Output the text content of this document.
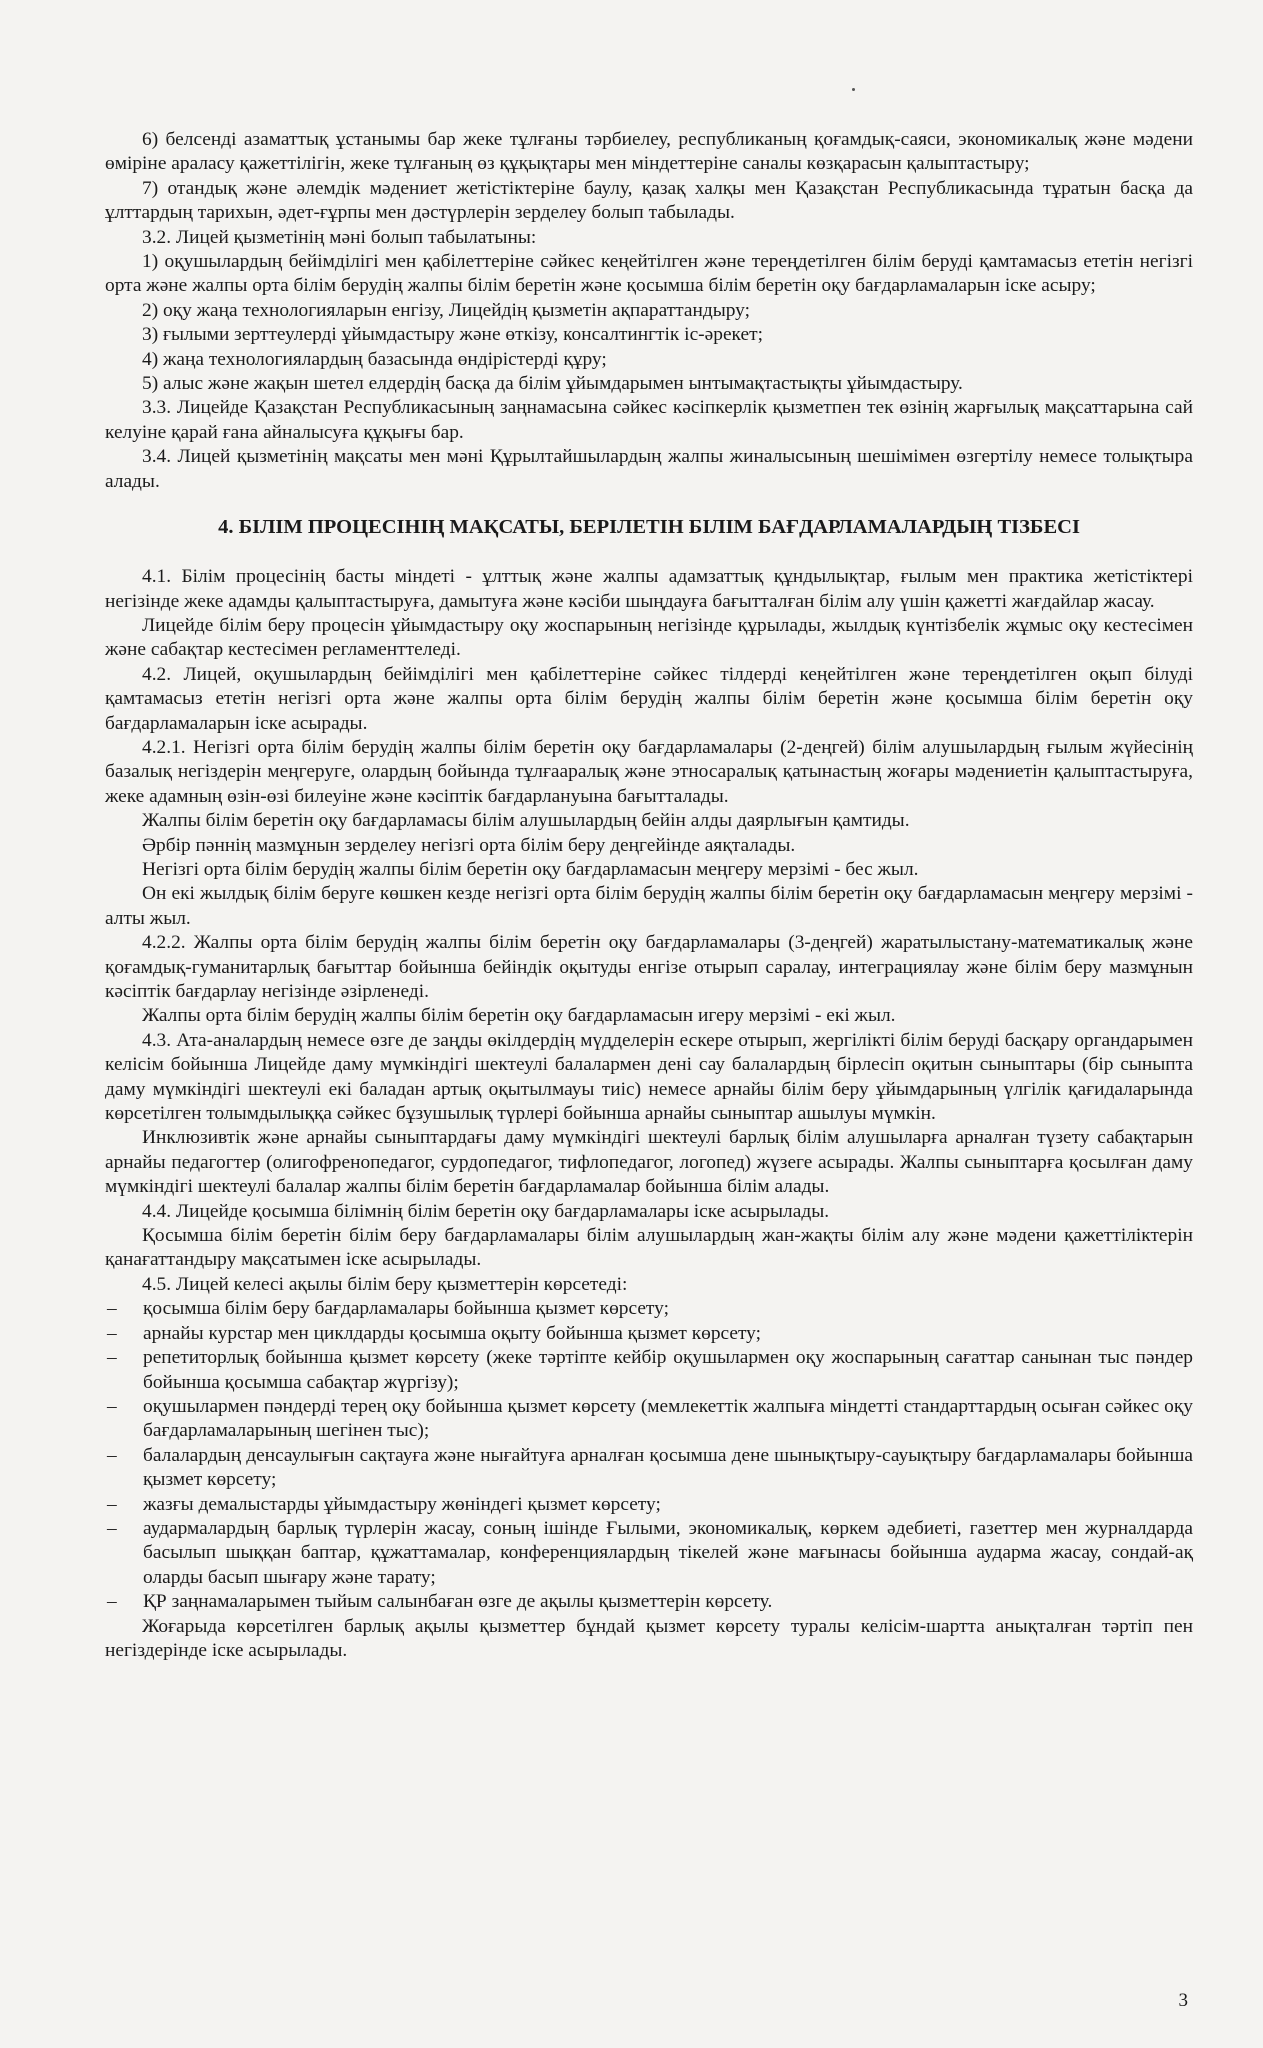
6) белсенді азаматтық ұстанымы бар жеке тұлғаны тәрбиелеу, республиканың қоғамдық-саяси, экономикалық және мәдени өміріне араласу қажеттілігін, жеке тұлғаның өз құқықтары мен міндеттеріне саналы көзқарасын қалыптастыру;

7) отандық және әлемдік мәдениет жетістіктеріне баулу, қазақ халқы мен Қазақстан Республикасында тұратын басқа да ұлттардың тарихын, әдет-ғұрпы мен дәстүрлерін зерделеу болып табылады.

3.2. Лицей қызметінің мәні болып табылатыны:

1) оқушылардың бейімділігі мен қабілеттеріне сәйкес кеңейтілген және тереңдетілген білім беруді қамтамасыз ететін негізгі орта және жалпы орта білім берудің жалпы білім беретін және қосымша білім беретін оқу бағдарламаларын іске асыру;

2) оқу жаңа технологияларын енгізу, Лицейдің қызметін ақпараттандыру;

3) ғылыми зерттеулерді ұйымдастыру және өткізу, консалтингтік іс-әрекет;

4) жаңа технологиялардың базасында өндірістерді құру;

5) алыс және жақын шетел елдердің басқа да білім ұйымдарымен ынтымақтастықты ұйымдастыру.

3.3. Лицейде Қазақстан Республикасының заңнамасына сәйкес кәсіпкерлік қызметпен тек өзінің жарғылық мақсаттарына сай келуіне қарай ғана айналысуға құқығы бар.

3.4. Лицей қызметінің мақсаты мен мәні Құрылтайшылардың жалпы жиналысының шешімімен өзгертілу немесе толықтыра алады.

4. БІЛІМ ПРОЦЕСІНІҢ МАҚСАТЫ, БЕРІЛЕТІН БІЛІМ БАҒДАРЛАМАЛАРДЫҢ ТІЗБЕСІ

4.1. Білім процесінің басты міндеті - ұлттық және жалпы адамзаттық құндылықтар, ғылым мен практика жетістіктері негізінде жеке адамды қалыптастыруға, дамытуға және кәсіби шыңдауға бағытталған білім алу үшін қажетті жағдайлар жасау.

Лицейде білім беру процесін ұйымдастыру оқу жоспарының негізінде құрылады, жылдық күнтізбелік жұмыс оқу кестесімен және сабақтар кестесімен регламенттеледі.

4.2. Лицей, оқушылардың бейімділігі мен қабілеттеріне сәйкес тілдерді кеңейтілген және тереңдетілген оқып білуді қамтамасыз ететін негізгі орта және жалпы орта білім берудің жалпы білім беретін және қосымша білім беретін оқу бағдарламаларын іске асырады.

4.2.1. Негізгі орта білім берудің жалпы білім беретін оқу бағдарламалары (2-деңгей) білім алушылардың ғылым жүйесінің базалық негіздерін меңгеруге, олардың бойында тұлғааралық және этносаралық қатынастың жоғары мәдениетін қалыптастыруға, жеке адамның өзін-өзі билеуіне және кәсіптік бағдарлануына бағытталады.

Жалпы білім беретін оқу бағдарламасы білім алушылардың бейін алды даярлығын қамтиды.

Әрбір пәннің мазмұнын зерделеу негізгі орта білім беру деңгейінде аяқталады.

Негізгі орта білім берудің жалпы білім беретін оқу бағдарламасын меңгеру мерзімі - бес жыл.

Он екі жылдық білім беруге көшкен кезде негізгі орта білім берудің жалпы білім беретін оқу бағдарламасын меңгеру мерзімі - алты жыл.

4.2.2. Жалпы орта білім берудің жалпы білім беретін оқу бағдарламалары (3-деңгей) жаратылыстану-математикалық және қоғамдық-гуманитарлық бағыттар бойынша бейіндік оқытуды енгізе отырып саралау, интеграциялау және білім беру мазмұнын кәсіптік бағдарлау негізінде әзірленеді.

Жалпы орта білім берудің жалпы білім беретін оқу бағдарламасын игеру мерзімі - екі жыл.

4.3. Ата-аналардың немесе өзге де заңды өкілдердің мүдделерін ескере отырып, жергілікті білім беруді басқару органдарымен келісім бойынша Лицейде даму мүмкіндігі шектеулі балалармен дені сау балалардың бірлесіп оқитын сыныптары (бір сыныпта даму мүмкіндігі шектеулі екі баладан артық оқытылмауы тиіс) немесе арнайы білім беру ұйымдарының үлгілік қағидаларында көрсетілген толымдылыққа сәйкес бұзушылық түрлері бойынша арнайы сыныптар ашылуы мүмкін.

Инклюзивтік және арнайы сыныптардағы даму мүмкіндігі шектеулі барлық білім алушыларға арналған түзету сабақтарын арнайы педагогтер (олигофренопедагог, сурдопедагог, тифлопедагог, логопед) жүзеге асырады. Жалпы сыныптарға қосылған даму мүмкіндігі шектеулі балалар жалпы білім беретін бағдарламалар бойынша білім алады.

4.4. Лицейде қосымша білімнің білім беретін оқу бағдарламалары іске асырылады.

Қосымша білім беретін білім беру бағдарламалары білім алушылардың жан-жақты білім алу және мәдени қажеттіліктерін қанағаттандыру мақсатымен іске асырылады.

4.5. Лицей келесі ақылы білім беру қызметтерін көрсетеді:

– қосымша білім беру бағдарламалары бойынша қызмет көрсету;

– арнайы курстар мен циклдарды қосымша оқыту бойынша қызмет көрсету;

– репетиторлық бойынша қызмет көрсету (жеке тәртіпте кейбір оқушылармен оқу жоспарының сағаттар санынан тыс пәндер бойынша қосымша сабақтар жүргізу);

– оқушылармен пәндерді терең оқу бойынша қызмет көрсету (мемлекеттік жалпыға міндетті стандарттардың осыған сәйкес оқу бағдарламаларының шегінен тыс);

– балалардың денсаулығын сақтауға және нығайтуға арналған қосымша дене шынықтыру-сауықтыру бағдарламалары бойынша қызмет көрсету;

– жазғы демалыстарды ұйымдастыру жөніндегі қызмет көрсету;

– аудармалардың барлық түрлерін жасау, соның ішінде Ғылыми, экономикалық, көркем әдебиеті, газеттер мен журналдарда басылып шыққан баптар, құжаттамалар, конференциялардың тікелей және мағынасы бойынша аударма жасау, сондай-ақ оларды басып шығару және тарату;

– ҚР заңнамаларымен тыйым салынбаған өзге де ақылы қызметтерін көрсету.

Жоғарыда көрсетілген барлық ақылы қызметтер бұндай қызмет көрсету туралы келісім-шартта анықталған тәртіп пен негіздерінде іске асырылады.

3
